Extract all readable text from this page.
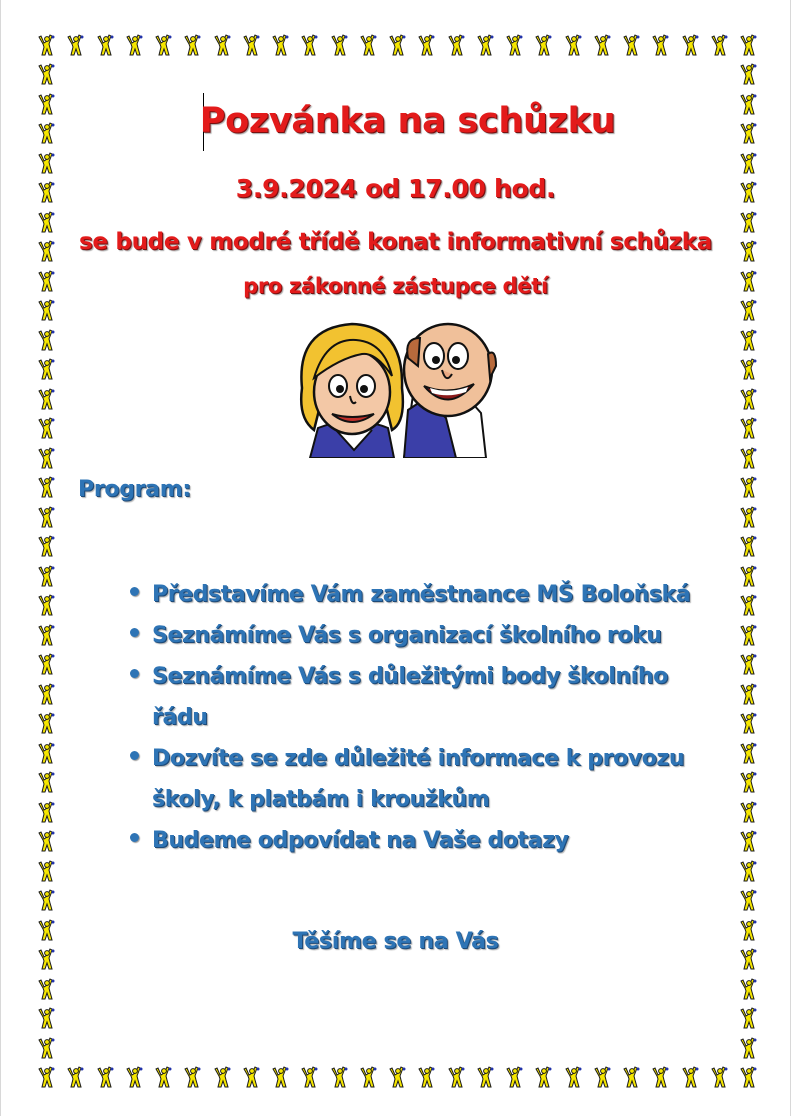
Pozvánka na schůzku
3.9.2024 od 17.00 hod.
se bude v modré třídě konat informativní schůzka
pro zákonné zástupce dětí
Program:
Představíme Vám zaměstnance MŠ Boloňská
Seznámíme Vás s organizací školního roku
Seznámíme Vás s důležitými body školního řádu
Dozvíte se zde důležité informace k provozu školy, k platbám i kroužkům
Budeme odpovídat na Vaše dotazy
Těšíme se na Vás
